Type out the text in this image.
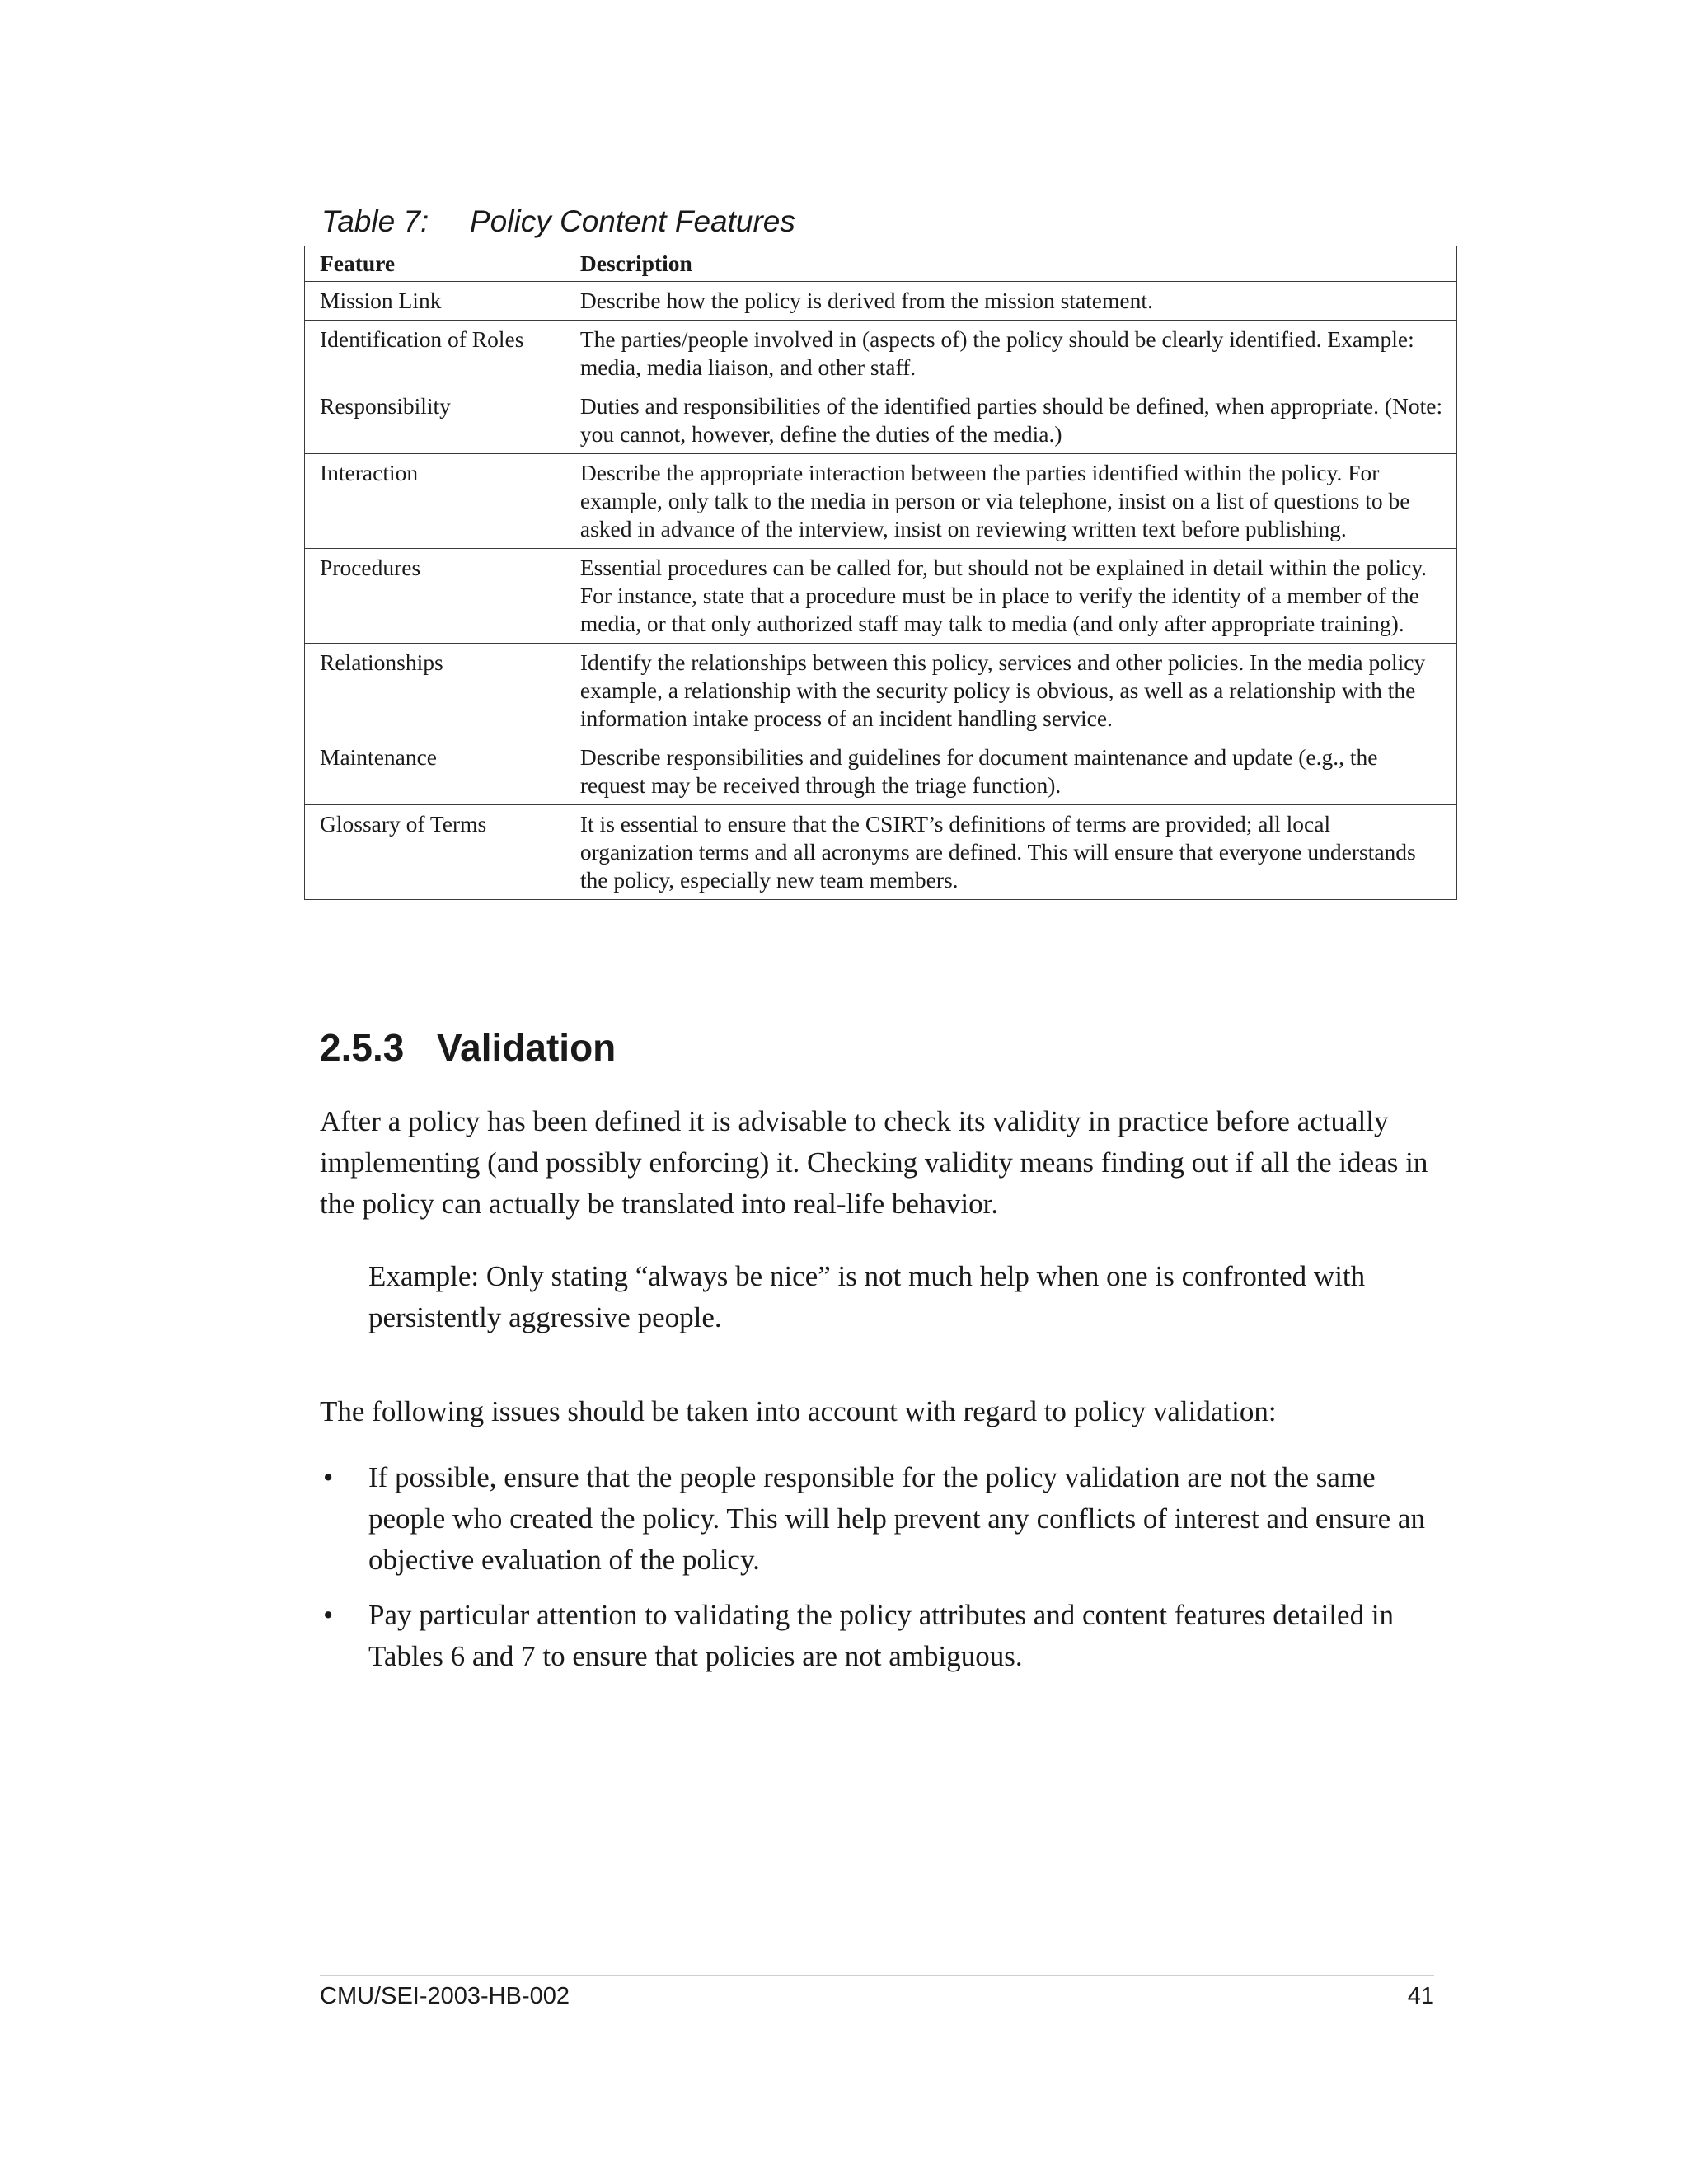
Table 7: Policy Content Features
Feature	Description
Mission Link	Describe how the policy is derived from the mission statement.
Identification of Roles	The parties/people involved in (aspects of) the policy should be clearly identified. Example: media, media liaison, and other staff.
Responsibility	Duties and responsibilities of the identified parties should be defined, when appropriate. (Note: you cannot, however, define the duties of the media.)
Interaction	Describe the appropriate interaction between the parties identified within the policy. For example, only talk to the media in person or via telephone, insist on a list of questions to be asked in advance of the interview, insist on reviewing written text before publishing.
Procedures	Essential procedures can be called for, but should not be explained in detail within the policy. For instance, state that a procedure must be in place to verify the identity of a member of the media, or that only authorized staff may talk to media (and only after appropriate training).
Relationships	Identify the relationships between this policy, services and other policies. In the media policy example, a relationship with the security policy is obvious, as well as a relationship with the information intake process of an incident handling service.
Maintenance	Describe responsibilities and guidelines for document maintenance and update (e.g., the request may be received through the triage function).
Glossary of Terms	It is essential to ensure that the CSIRT’s definitions of terms are provided; all local organization terms and all acronyms are defined. This will ensure that everyone understands the policy, especially new team members.
2.5.3 Validation
After a policy has been defined it is advisable to check its validity in practice before actually implementing (and possibly enforcing) it. Checking validity means finding out if all the ideas in the policy can actually be translated into real-life behavior.
Example: Only stating “always be nice” is not much help when one is confronted with persistently aggressive people.
The following issues should be taken into account with regard to policy validation:
• If possible, ensure that the people responsible for the policy validation are not the same people who created the policy. This will help prevent any conflicts of interest and ensure an objective evaluation of the policy.
• Pay particular attention to validating the policy attributes and content features detailed in Tables 6 and 7 to ensure that policies are not ambiguous.
CMU/SEI-2003-HB-002	41
